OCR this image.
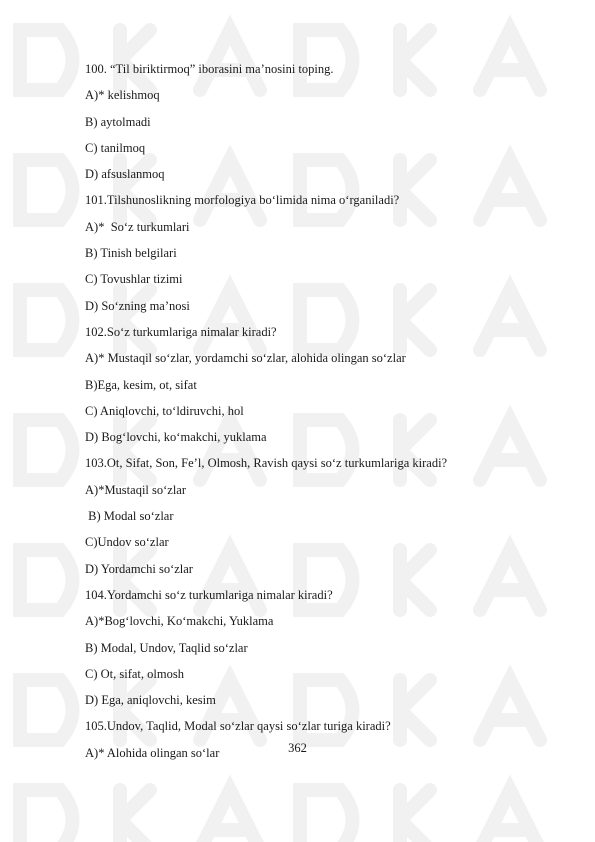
100. “Til biriktirmoq” iborasini ma’nosini toping.
A)* kelishmoq
B) aytolmadi
C) tanilmoq
D) afsuslanmoq
101.Tilshunoslikning morfologiya bo‘limida nima o‘rganiladi?
A)*  So‘z turkumlari
B) Tinish belgilari
C) Tovushlar tizimi
D) So‘zning ma’nosi
102.So‘z turkumlariga nimalar kiradi?
A)* Mustaqil so‘zlar, yordamchi so‘zlar, alohida olingan so‘zlar
B)Ega, kesim, ot, sifat
C) Aniqlovchi, to‘ldiruvchi, hol
D) Bog‘lovchi, ko‘makchi, yuklama
103.Ot, Sifat, Son, Fe’l, Olmosh, Ravish qaysi so‘z turkumlariga kiradi?
A)*Mustaqil so‘zlar
B) Modal so‘zlar
C)Undov so‘zlar
D) Yordamchi so‘zlar
104.Yordamchi so‘z turkumlariga nimalar kiradi?
A)*Bog‘lovchi, Ko‘makchi, Yuklama
B) Modal, Undov, Taqlid so‘zlar
C) Ot, sifat, olmosh
D) Ega, aniqlovchi, kesim
105.Undov, Taqlid, Modal so‘zlar qaysi so‘zlar turiga kiradi?
A)* Alohida olingan so‘lar	362
